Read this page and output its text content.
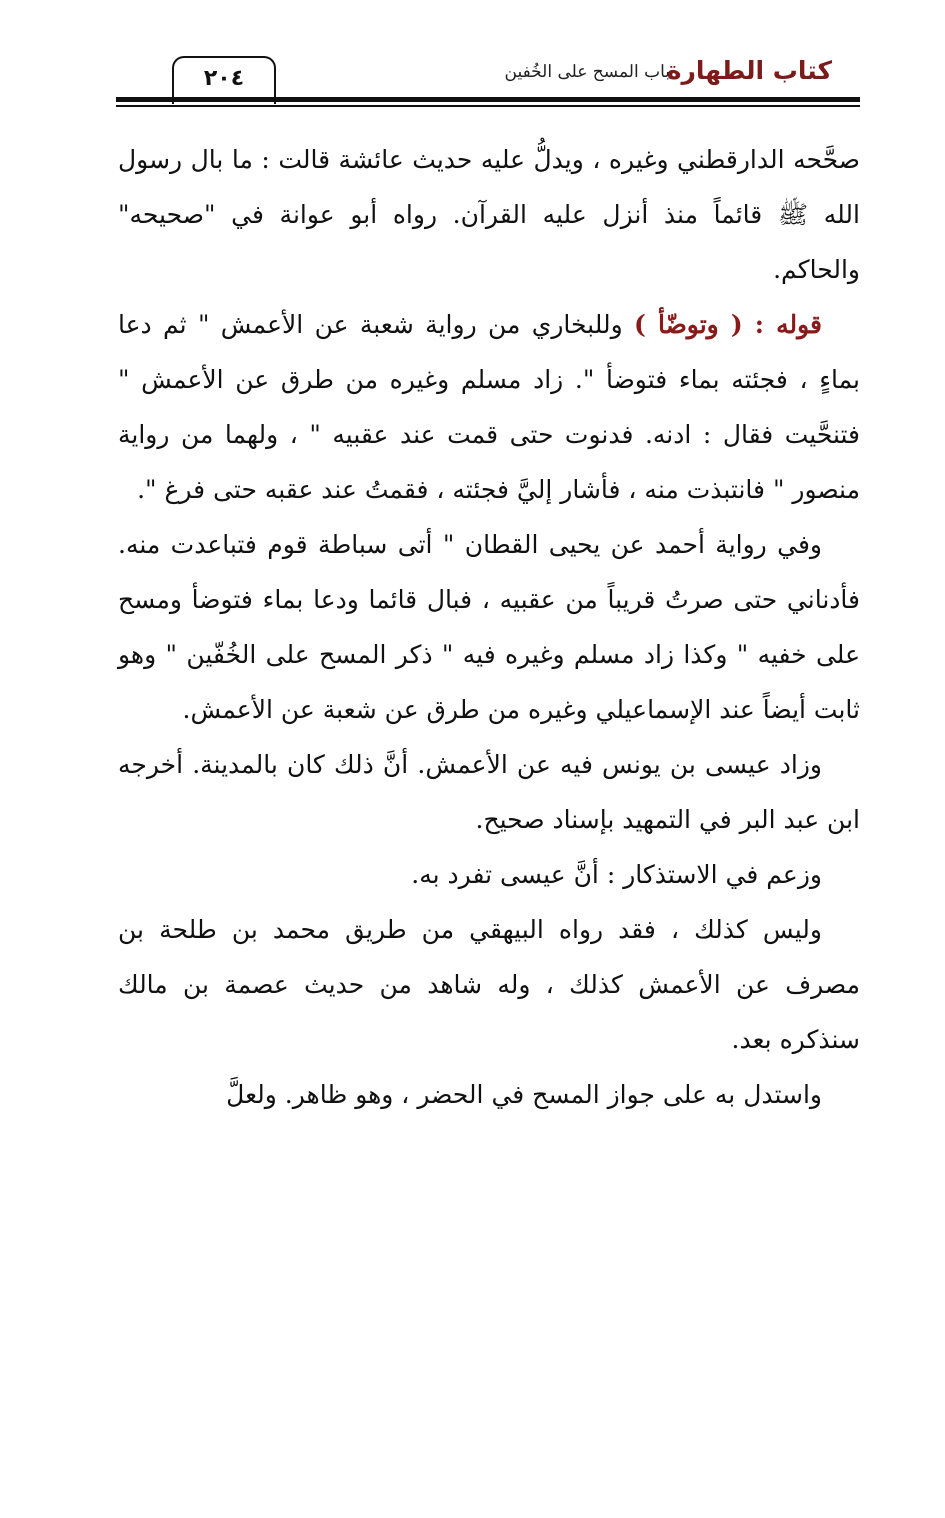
٢٠٤	كتاب الطهارة
باب المسح على الخُفين

صحَّحه الدارقطني وغيره ، ويدلُّ عليه حديث عائشة قالت : ما بال رسول الله ﷺ قائماً منذ أنزل عليه القرآن. رواه أبو عوانة في "صحيحه" والحاكم.

قوله : ( وتوضّأ ) وللبخاري من رواية شعبة عن الأعمش " ثم دعا بماءٍ ، فجئته بماء فتوضأ ". زاد مسلم وغيره من طرق عن الأعمش " فتنحَّيت فقال : ادنه. فدنوت حتى قمت عند عقبيه " ، ولهما من رواية منصور " فانتبذت منه ، فأشار إليَّ فجئته ، فقمتُ عند عقبه حتى فرغ ".

وفي رواية أحمد عن يحيى القطان " أتى سباطة قوم فتباعدت منه. فأدناني حتى صرتُ قريباً من عقبيه ، فبال قائما ودعا بماء فتوضأ ومسح على خفيه " وكذا زاد مسلم وغيره فيه " ذكر المسح على الخُفّين " وهو ثابت أيضاً عند الإسماعيلي وغيره من طرق عن شعبة عن الأعمش.

وزاد عيسى بن يونس فيه عن الأعمش. أنَّ ذلك كان بالمدينة. أخرجه ابن عبد البر في التمهيد بإسناد صحيح.

وزعم في الاستذكار : أنَّ عيسى تفرد به.

وليس كذلك ، فقد رواه البيهقي من طريق محمد بن طلحة بن مصرف عن الأعمش كذلك ، وله شاهد من حديث عصمة بن مالك سنذكره بعد.

واستدل به على جواز المسح في الحضر ، وهو ظاهر. ولعلَّ
